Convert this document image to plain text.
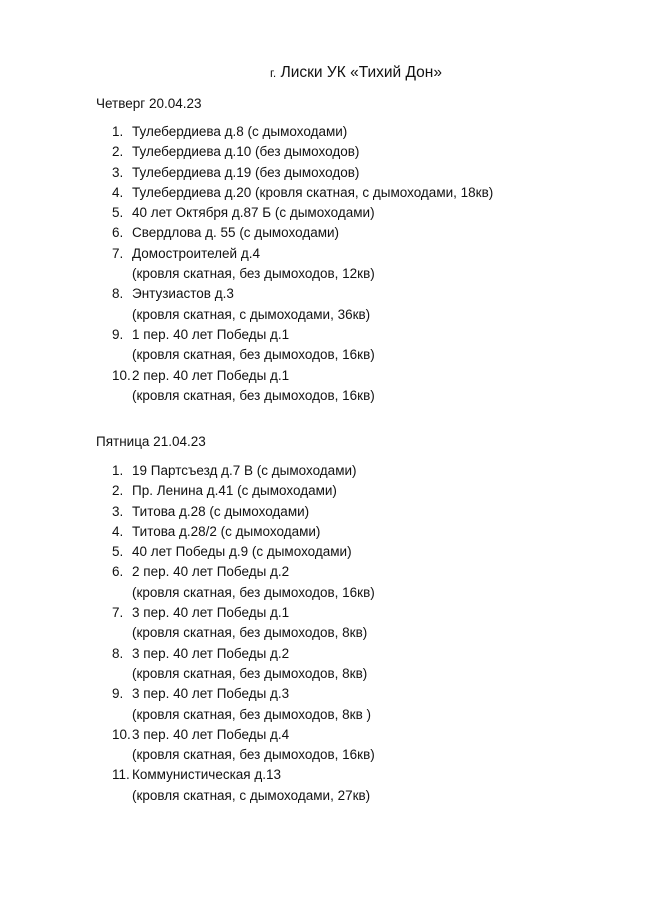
г. Лиски УК «Тихий Дон»
Четверг 20.04.23
1. Тулебердиева д.8 (с дымоходами)
2. Тулебердиева д.10 (без дымоходов)
3. Тулебердиева д.19 (без дымоходов)
4. Тулебердиева д.20 (кровля скатная, с дымоходами, 18кв)
5. 40 лет Октября д.87 Б (с дымоходами)
6. Свердлова д. 55 (с дымоходами)
7. Домостроителей д.4
(кровля скатная, без дымоходов, 12кв)
8. Энтузиастов д.3
(кровля скатная, с дымоходами, 36кв)
9. 1 пер. 40 лет Победы д.1
(кровля скатная, без дымоходов, 16кв)
10. 2 пер. 40 лет Победы д.1
(кровля скатная, без дымоходов, 16кв)
Пятница 21.04.23
1. 19 Партсъезд д.7 В (с дымоходами)
2. Пр. Ленина д.41 (с дымоходами)
3. Титова д.28 (с дымоходами)
4. Титова д.28/2 (с дымоходами)
5. 40 лет Победы д.9 (с дымоходами)
6. 2 пер. 40 лет Победы д.2
(кровля скатная, без дымоходов, 16кв)
7. 3 пер. 40 лет Победы д.1
(кровля скатная, без дымоходов, 8кв)
8. 3 пер. 40 лет Победы д.2
(кровля скатная, без дымоходов, 8кв)
9. 3 пер. 40 лет Победы д.3
(кровля скатная, без дымоходов, 8кв )
10. 3 пер. 40 лет Победы д.4
(кровля скатная, без дымоходов, 16кв)
11. Коммунистическая д.13
(кровля скатная, с дымоходами, 27кв)
